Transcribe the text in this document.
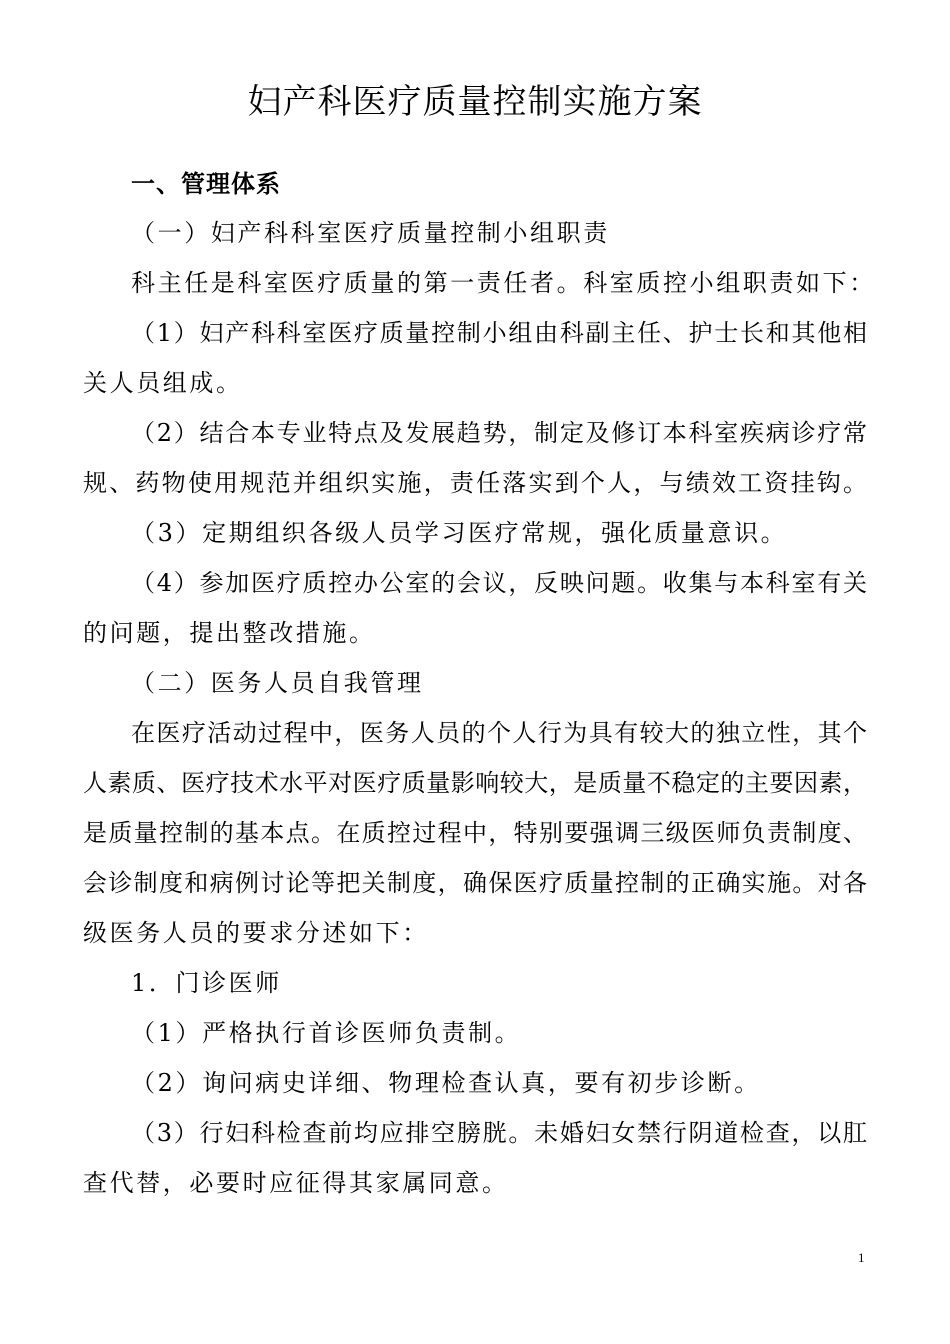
妇产科医疗质量控制实施方案
一、管理体系
（一）妇产科科室医疗质量控制小组职责
科主任是科室医疗质量的第一责任者。科室质控小组职责如下：
（1）妇产科科室医疗质量控制小组由科副主任、护士长和其他相
关人员组成。
（2）结合本专业特点及发展趋势，制定及修订本科室疾病诊疗常
规、药物使用规范并组织实施，责任落实到个人，与绩效工资挂钩。
（3）定期组织各级人员学习医疗常规，强化质量意识。
（4）参加医疗质控办公室的会议，反映问题。收集与本科室有关
的问题，提出整改措施。
（二）医务人员自我管理
在医疗活动过程中，医务人员的个人行为具有较大的独立性，其个
人素质、医疗技术水平对医疗质量影响较大，是质量不稳定的主要因素，
是质量控制的基本点。在质控过程中，特别要强调三级医师负责制度、
会诊制度和病例讨论等把关制度，确保医疗质量控制的正确实施。对各
级医务人员的要求分述如下：
1．门诊医师
（1）严格执行首诊医师负责制。
（2）询问病史详细、物理检查认真，要有初步诊断。
（3）行妇科检查前均应排空膀胱。未婚妇女禁行阴道检查，以肛
查代替，必要时应征得其家属同意。
1
